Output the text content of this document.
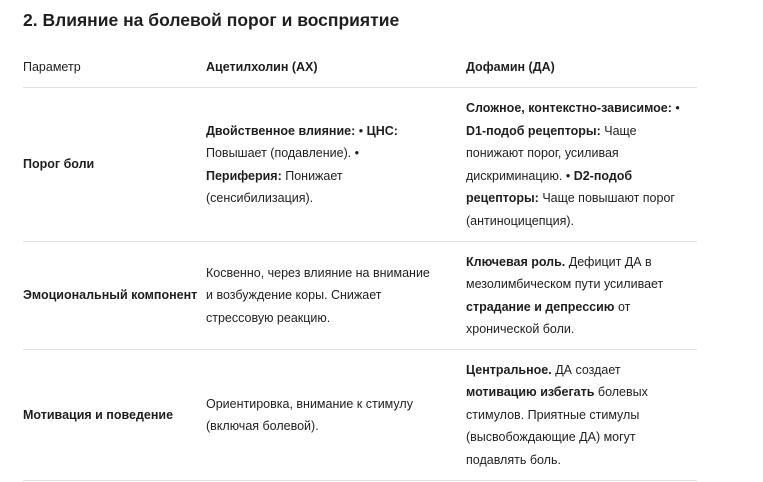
2. Влияние на болевой порог и восприятие
Параметр	Ацетилхолин (АХ)	Дофамин (ДА)
Порог боли	Двойственное влияние: • ЦНС: Повышает (подавление). • Периферия: Понижает (сенсибилизация).	Сложное, контекстно-зависимое: • D1-подоб рецепторы: Чаще понижают порог, усиливая дискриминацию. • D2-подоб рецепторы: Чаще повышают порог (антиноцицепция).
Эмоциональный компонент	Косвенно, через влияние на внимание и возбуждение коры. Снижает стрессовую реакцию.	Ключевая роль. Дефицит ДА в мезолимбическом пути усиливает страдание и депрессию от хронической боли.
Мотивация и поведение	Ориентировка, внимание к стимулу (включая болевой).	Центральное. ДА создает мотивацию избегать болевых стимулов. Приятные стимулы (высвобождающие ДА) могут подавлять боль.
